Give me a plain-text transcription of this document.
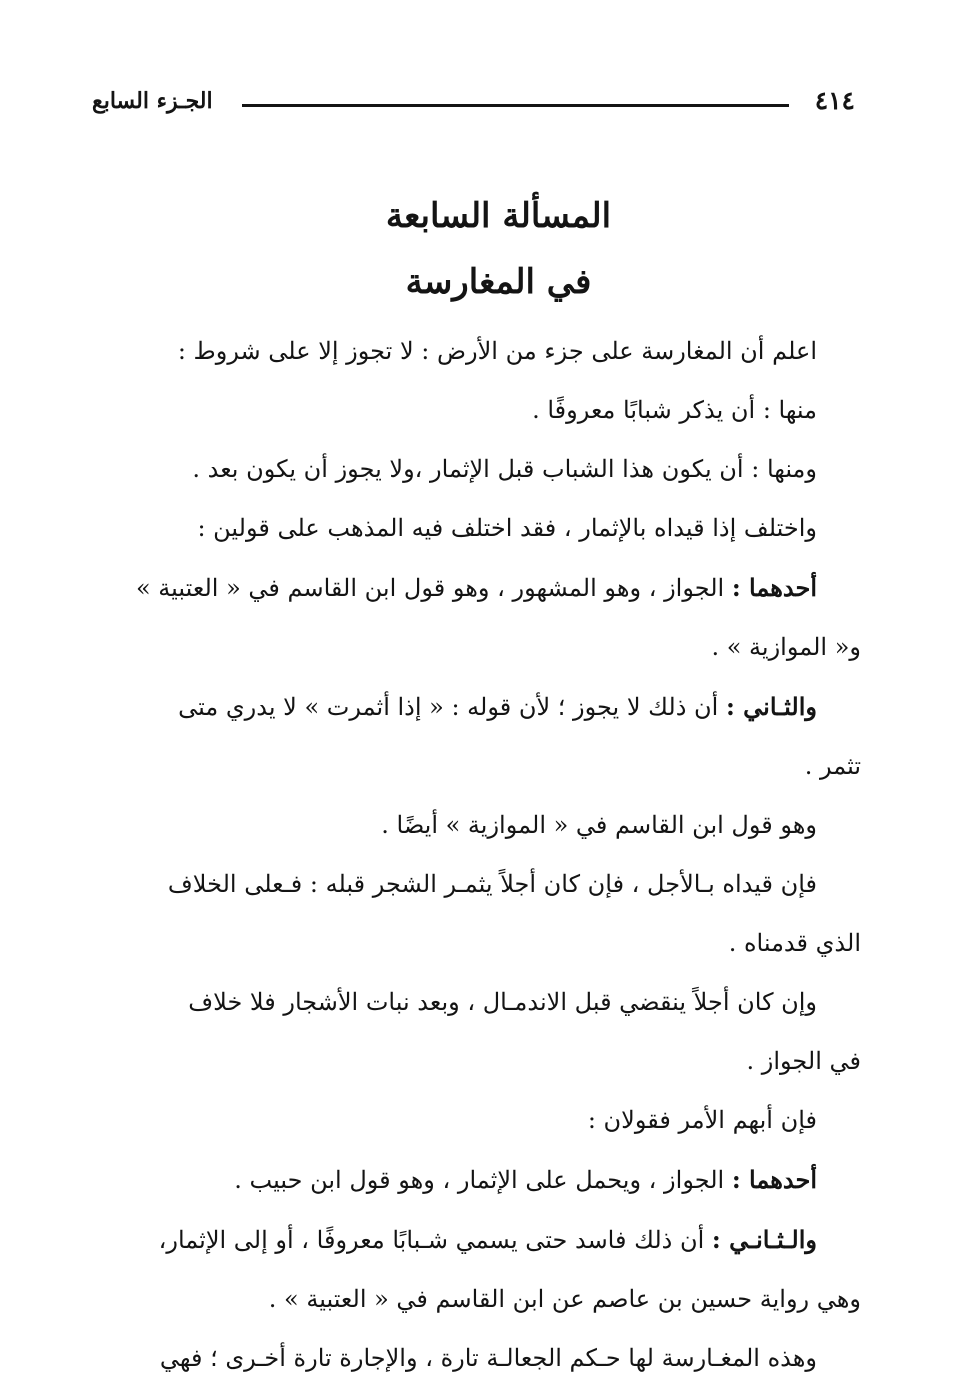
٤١٤
الجـزء السابع
المسألة السابعة
في المغارسة

اعلم أن المغارسة على جزء من الأرض : لا تجوز إلا على شروط :

منها : أن يذكر شبابًا معروفًا .

ومنها : أن يكون هذا الشباب قبل الإثمار ،ولا يجوز أن يكون بعد .

واختلف إذا قيداه بالإثمار ، فقد اختلف فيه المذهب على قولين :

أحدهما : الجواز ، وهو المشهور ، وهو قول ابن القاسم في « العتبية »

و« الموازية » .

والثـاني : أن ذلك لا يجوز ؛ لأن قوله : « إذا أثمرت » لا يدري متى

تثمر .

وهو قول ابن القاسم في « الموازية » أيضًا .

فإن قيداه بـالأجل ، فإن كان أجلاً يثمـر الشجر قبله : فـعلى الخلاف

الذي قدمناه .

وإن كان أجلاً ينقضي قبل الاندمـال ، وبعد نبات الأشجار فلا خلاف

في الجواز .

فإن أبهم الأمر فقولان :

أحدهما : الجواز ، ويحمل على الإثمار ، وهو قول ابن حبيب .

والـثـانـي : أن ذلك فاسد حتى يسمي شـبابًا معروفًا ، أو إلى الإثمار،

وهي رواية حسين بن عاصم عن ابن القاسم في « العتبية » .

وهذه المغـارسة لها حـكم الجعالـة تارة ، والإجارة تارة أخـرى ؛ فهي
